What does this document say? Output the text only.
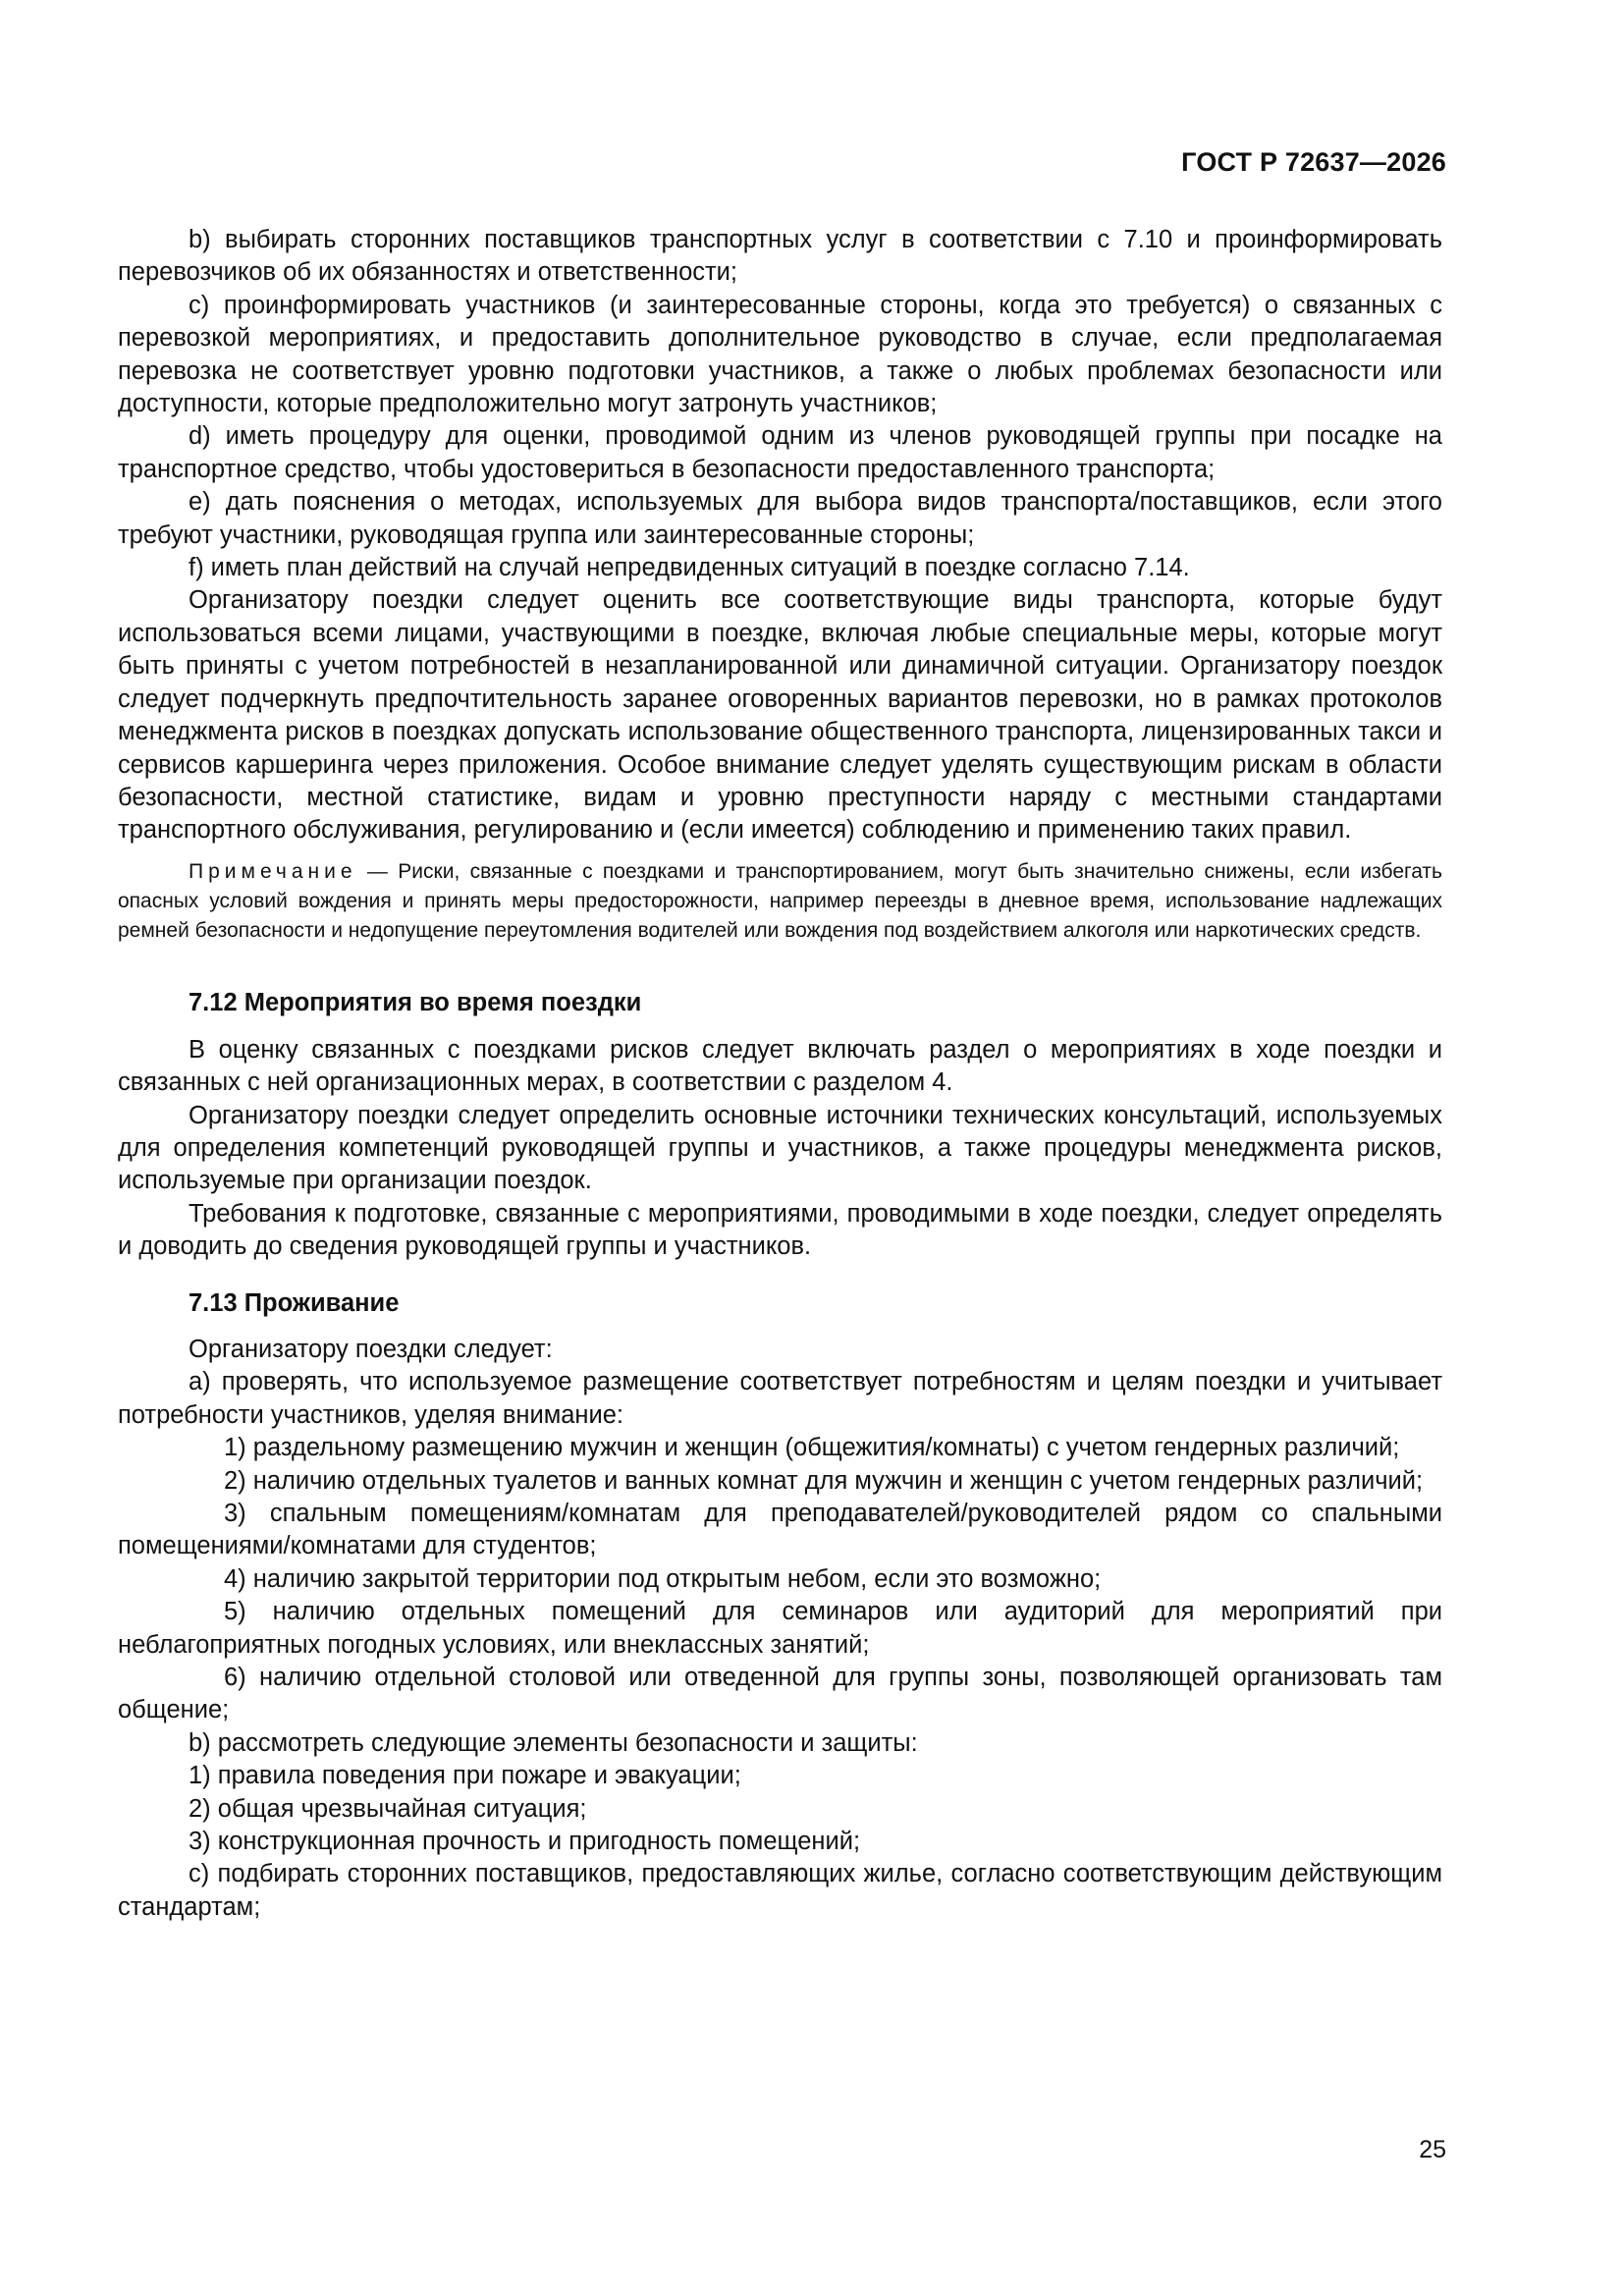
ГОСТ Р 72637—2026

b) выбирать сторонних поставщиков транспортных услуг в соответствии с 7.10 и проинформировать перевозчиков об их обязанностях и ответственности;

c) проинформировать участников (и заинтересованные стороны, когда это требуется) о связанных с перевозкой мероприятиях, и предоставить дополнительное руководство в случае, если предполагаемая перевозка не соответствует уровню подготовки участников, а также о любых проблемах безопасности или доступности, которые предположительно могут затронуть участников;

d) иметь процедуру для оценки, проводимой одним из членов руководящей группы при посадке на транспортное средство, чтобы удостовериться в безопасности предоставленного транспорта;

e) дать пояснения о методах, используемых для выбора видов транспорта/поставщиков, если этого требуют участники, руководящая группа или заинтересованные стороны;

f) иметь план действий на случай непредвиденных ситуаций в поездке согласно 7.14.

Организатору поездки следует оценить все соответствующие виды транспорта, которые будут использоваться всеми лицами, участвующими в поездке, включая любые специальные меры, которые могут быть приняты с учетом потребностей в незапланированной или динамичной ситуации. Организатору поездок следует подчеркнуть предпочтительность заранее оговоренных вариантов перевозки, но в рамках протоколов менеджмента рисков в поездках допускать использование общественного транспорта, лицензированных такси и сервисов каршеринга через приложения. Особое внимание следует уделять существующим рискам в области безопасности, местной статистике, видам и уровню преступности наряду с местными стандартами транспортного обслуживания, регулированию и (если имеется) соблюдению и применению таких правил.

Примечание — Риски, связанные с поездками и транспортированием, могут быть значительно снижены, если избегать опасных условий вождения и принять меры предосторожности, например переезды в дневное время, использование надлежащих ремней безопасности и недопущение переутомления водителей или вождения под воздействием алкоголя или наркотических средств.

7.12 Мероприятия во время поездки

В оценку связанных с поездками рисков следует включать раздел о мероприятиях в ходе поездки и связанных с ней организационных мерах, в соответствии с разделом 4.

Организатору поездки следует определить основные источники технических консультаций, используемых для определения компетенций руководящей группы и участников, а также процедуры менеджмента рисков, используемые при организации поездок.

Требования к подготовке, связанные с мероприятиями, проводимыми в ходе поездки, следует определять и доводить до сведения руководящей группы и участников.

7.13 Проживание

Организатору поездки следует:

a) проверять, что используемое размещение соответствует потребностям и целям поездки и учитывает потребности участников, уделяя внимание:

1) раздельному размещению мужчин и женщин (общежития/комнаты) с учетом гендерных различий;

2) наличию отдельных туалетов и ванных комнат для мужчин и женщин с учетом гендерных различий;

3) спальным помещениям/комнатам для преподавателей/руководителей рядом со спальными помещениями/комнатами для студентов;

4) наличию закрытой территории под открытым небом, если это возможно;

5) наличию отдельных помещений для семинаров или аудиторий для мероприятий при неблагоприятных погодных условиях, или внеклассных занятий;

6) наличию отдельной столовой или отведенной для группы зоны, позволяющей организовать там общение;

b) рассмотреть следующие элементы безопасности и защиты:

1) правила поведения при пожаре и эвакуации;

2) общая чрезвычайная ситуация;

3) конструкционная прочность и пригодность помещений;

c) подбирать сторонних поставщиков, предоставляющих жилье, согласно соответствующим действующим стандартам;

25
